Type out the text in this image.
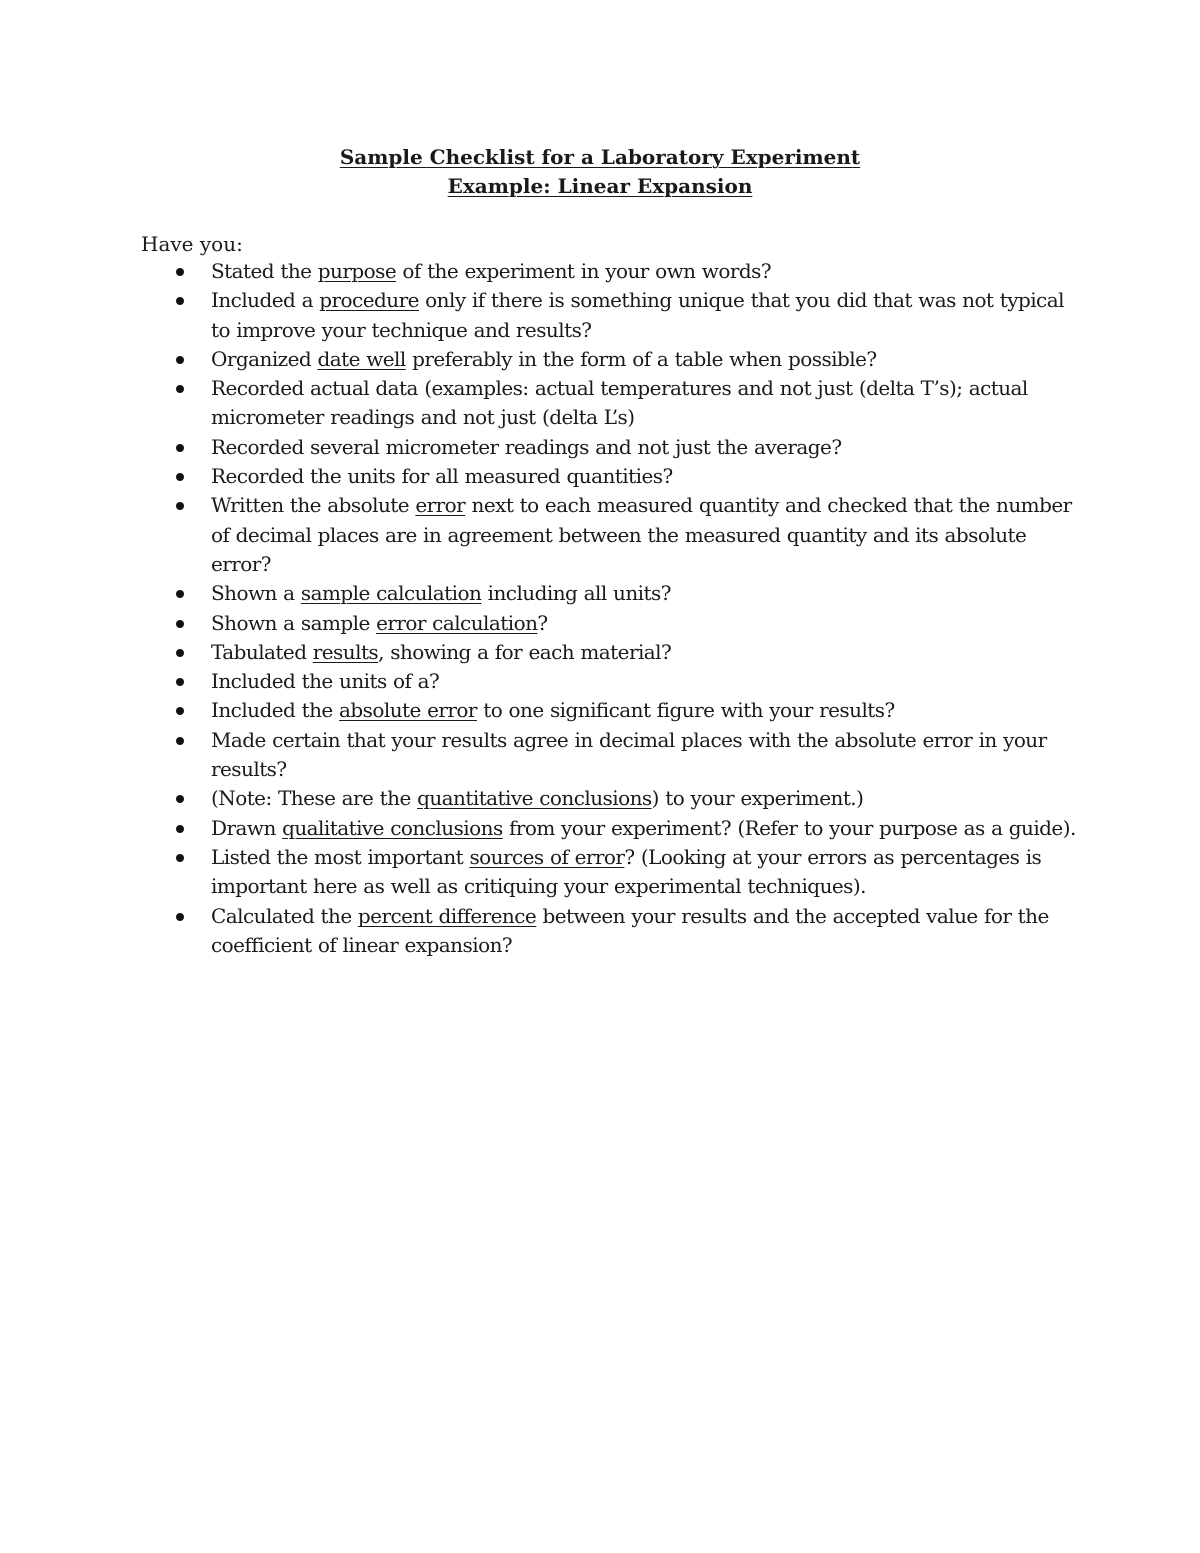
Sample Checklist for a Laboratory Experiment
Example: Linear Expansion
Have you:
Stated the purpose of the experiment in your own words?
Included a procedure only if there is something unique that you did that was not typical to improve your technique and results?
Organized date well preferably in the form of a table when possible?
Recorded actual data (examples: actual temperatures and not just (delta T’s); actual micrometer readings and not just (delta L’s)
Recorded several micrometer readings and not just the average?
Recorded the units for all measured quantities?
Written the absolute error next to each measured quantity and checked that the number of decimal places are in agreement between the measured quantity and its absolute error?
Shown a sample calculation including all units?
Shown a sample error calculation?
Tabulated results, showing a for each material?
Included the units of a?
Included the absolute error to one significant figure with your results?
Made certain that your results agree in decimal places with the absolute error in your results?
(Note: These are the quantitative conclusions) to your experiment.)
Drawn qualitative conclusions from your experiment? (Refer to your purpose as a guide).
Listed the most important sources of error? (Looking at your errors as percentages is important here as well as critiquing your experimental techniques).
Calculated the percent difference between your results and the accepted value for the coefficient of linear expansion?
